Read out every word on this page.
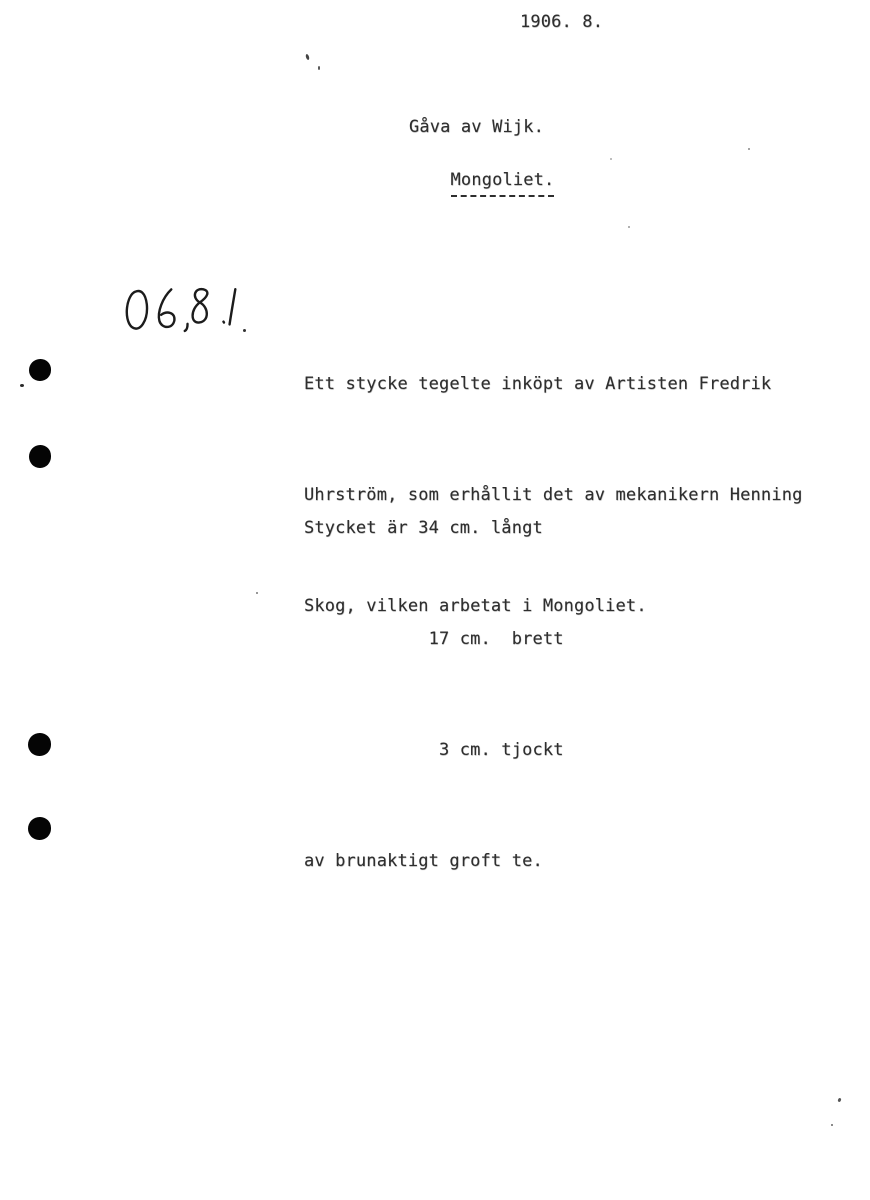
1906. 8.
Gåva av Wijk.

Mongoliet.

Ett stycke tegelte inköpt av Artisten Fredrik

Uhrström, som erhållit det av mekanikern Henning

Skog, vilken arbetat i Mongoliet.

Stycket är 34 cm. långt

17 cm.  brett

3 cm. tjockt

av brunaktigt groft te.
